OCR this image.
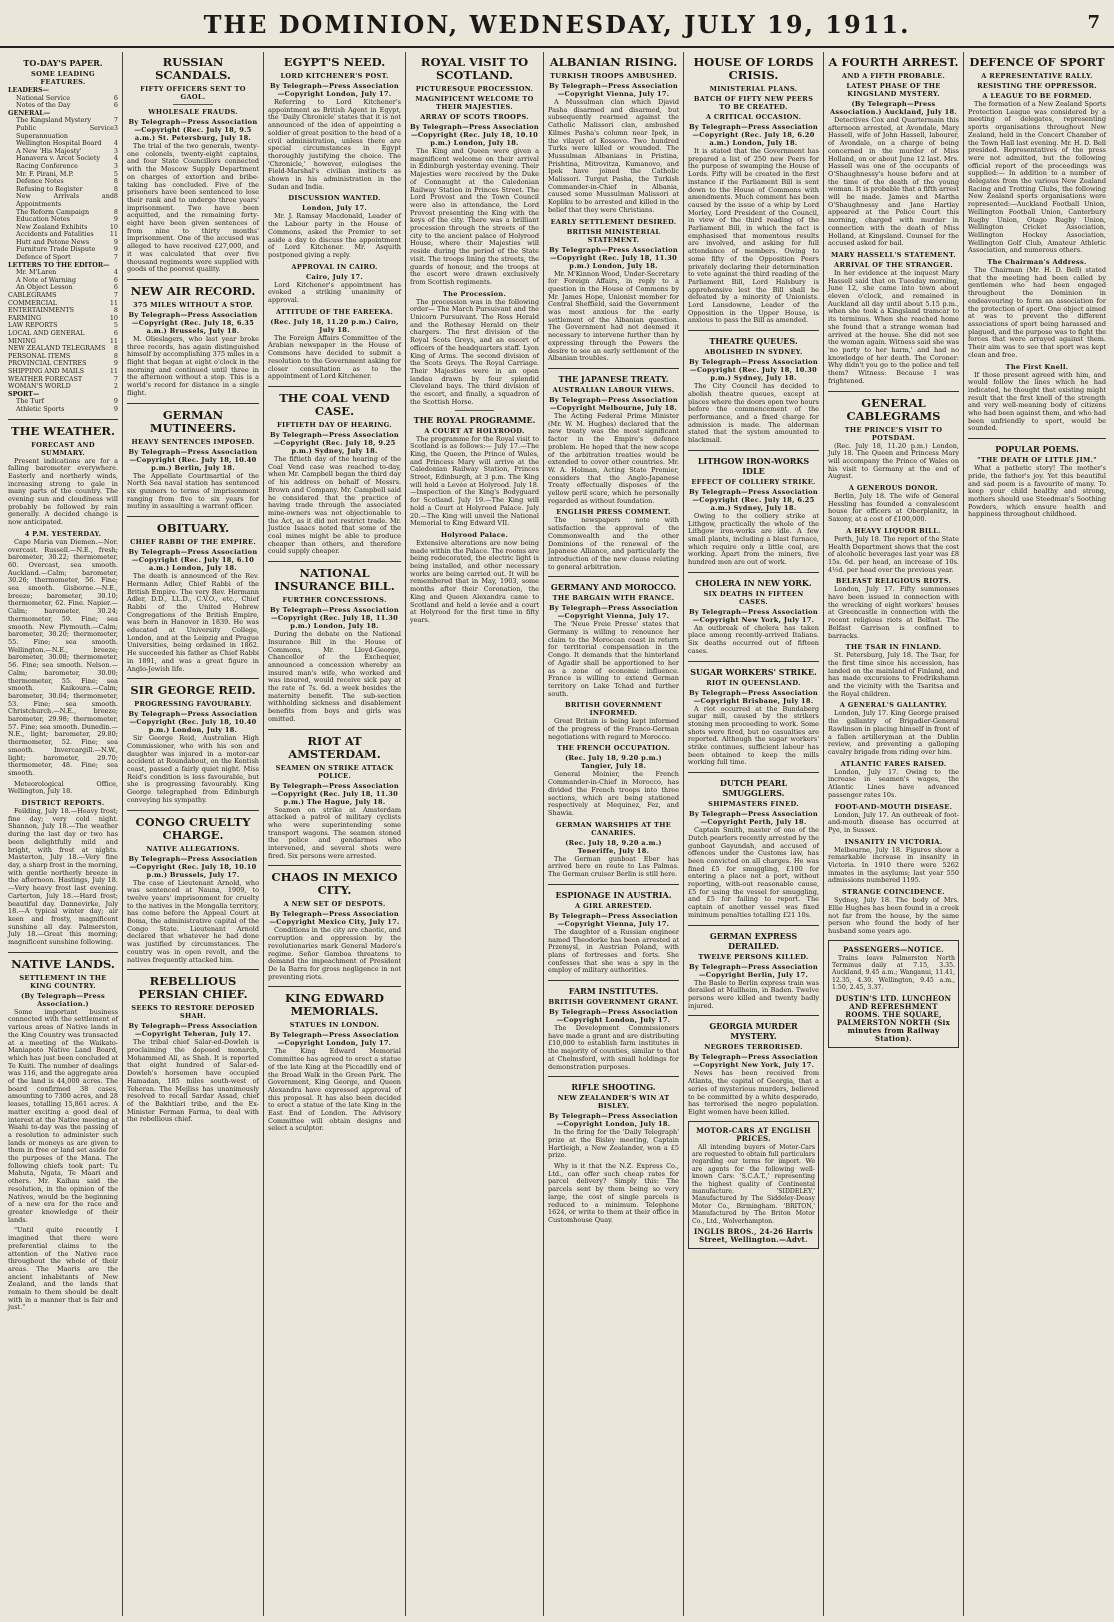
THE DOMINION, WEDNESDAY, JULY 19, 1911.	7
TO-DAY'S PAPER.
SOME LEADING FEATURES.
LEADERS—
National Service	6
Notes of the Day	6
GENERAL—
The Kingsland Mystery	7
Public Service Superannuation
3
Wellington Hospital Board 4
A New 'His Majesty'	3
Hanavera v. Arcot Society 4
Racing Conference	3
Mr. F. Pirani, M.P.	5
Defence Notes	8
Refusing to Register	8
New Arrivals and Appointments
8
The Reform Campaign	8
Education Notes	9
New Zealand Exhibits	10
Accidents and Fatalities	11
Hutt and Petone News	9
Furniture Trade Dispute	9
Defence of Sport	7
LETTERS TO THE EDITOR—
Mr. M'Laren	4
A Note of Warning	6
An Object Lesson	6
CABLEGRAMS	7
COMMERCIAL	11
ENTERTAINMENTS	8
FARMING	10
LAW REPORTS	5
LOCAL AND GENERAL	6
MINING	11
NEW ZEALAND TELEGRAMS 8
PERSONAL ITEMS	8
PROVINCIAL CENTRES	9
SHIPPING AND MAILS	11
WEATHER FORECAST	7
WOMAN'S WORLD	2
SPORT—
The Turf	9
Athletic Sports	9
THE WEATHER.
FORECAST AND SUMMARY.

Present indications are for a falling barometer everywhere. Easterly and northerly winds, increasing strong to gale in many parts of the country. The evening sun and cloudiness will probably be followed by rain generally. A decided change is now anticipated.

4 P.M. YESTERDAY.

Cape Maria van Diemen.—Nor. overcast. Russell.—N.E., fresh; barometer, 30.22; thermometer, 60. Overcast, sea smooth. Auckland.—Calm; barometer, 30.26; thermometer, 56. Fine; sea smooth. Gisborne.—N.E., breeze; barometer, 30.10; thermometer, 62. Fine. Napier.—Calm; barometer, 30.24; thermometer, 59. Fine; sea smooth. New Plymouth.—Calm; barometer, 30.20; thermometer, 55. Fine; sea smooth. Wellington.—N.E., breeze; barometer, 30.08; thermometer, 56. Fine; sea smooth. Nelson.—Calm; barometer, 30.00; thermometer, 55. Fine; sea smooth. Kaikoura.—Calm; barometer, 30.04; thermometer, 53. Fine; sea smooth. Christchurch.—N.E., breeze; barometer, 29.98; thermometer, 57. Fine; sea smooth. Dunedin.—N.E., light; barometer, 29.80; thermometer, 52. Fine; sea smooth. Invercargill.—N.W., light; barometer, 29.70; thermometer, 48. Fine; sea smooth.

Meteorological Office, Wellington, July 18.

DISTRICT REPORTS.

Feilding, July 18.—Heavy frost; fine day; very cold night. Shannon, July 18.—The weather during the last day or two has been delightfully mild and bright, with frost at nights. Masterton, July 18.—Very fine day, a sharp frost in the morning, with gentle northerly breeze in the afternoon. Hastings, July 18.—Very heavy frost last evening. Carterton, July 18.—Hard frost; beautiful day. Dannevirke, July 18.—A typical winter day; air keen and frosty, magnificent sunshine all day. Palmerston, July 18.—Great this morning; magnificent sunshine following.

NATIVE LANDS.
SETTLEMENT IN THE KING COUNTRY.
(By Telegraph—Press Association.)

Some important business connected with the settlement of various areas of Native lands in the King Country was transacted at a meeting of the Waikato-Maniapoto Native Land Board, which has just been concluded at Te Kuiti. The number of dealings was 116, and the aggregate area of the land is 44,000 acres. The board confirmed 38 cases, amounting to 7300 acres, and 28 leases, totalling 15,861 acres. A matter exciting a good deal of interest at the Native meeting at Waahi to-day was the passing of a resolution to administer such lands or moneys as are given to them in free or land set aside for the purposes of the Mana. The following chiefs took part: Tu Mahuta, Ngata, Te Maari and others. Mr. Kaihau said the resolution, in the opinion of the Natives, would be the beginning of a new era for the race and greater knowledge of their lands.

"Until quite recently I imagined that there were preferential claims to the attention of the Native race throughout the whole of their areas. The Maoris are the ancient inhabitants of New Zealand, and the lands that remain to them should be dealt with in a manner that is fair and just."

RUSSIAN SCANDALS.
FIFTY OFFICERS SENT TO GAOL.
WHOLESALE FRAUDS.
By Telegraph—Press Association—Copyright (Rec. July 18, 9.5 a.m.) St. Petersburg, July 18.

The trial of the two generals, twenty-one colonels, twenty-eight captains, and four State Councillors connected with the Moscow Supply Department on charges of extortion and bribe-taking has concluded. Five of the prisoners have been sentenced to lose their rank and to undergo three years' imprisonment. Two have been acquitted, and the remaining forty-eight have been given sentences of from nine to thirty months' imprisonment. One of the accused was alleged to have received £27,000, and it was calculated that over five thousand regiments were supplied with goods of the poorest quality.

NEW AIR RECORD.
375 MILES WITHOUT A STOP.
By Telegraph—Press Association—Copyright (Rec. July 18, 6.35 a.m.) Brussels, July 18.

M. Olieslagers, who last year broke three records, has again distinguished himself by accomplishing 375 miles in a flight that began at eight o'clock in the morning and continued until three in the afternoon without a stop. This is a world's record for distance in a single flight.

GERMAN MUTINEERS.
HEAVY SENTENCES IMPOSED.
By Telegraph—Press Association—Copyright (Rec. July 18, 10.40 p.m.) Berlin, July 18.

The Appellate Courtmartial of the North Sea naval station has sentenced six gunners to terms of imprisonment ranging from five to six years for mutiny in assaulting a warrant officer.

OBITUARY.
CHIEF RABBI OF THE EMPIRE.
By Telegraph—Press Association—Copyright (Rec. July 18, 6.10 a.m.) London, July 18.

The death is announced of the Rev. Hermann Adler, Chief Rabbi of the British Empire. The very Rev. Hermann Adler, D.D., LL.D., C.V.O., etc., Chief Rabbi of the United Hebrew Congregations of the British Empire, was born in Hanover in 1839. He was educated at University College, London, and at the Leipzig and Prague Universities, being ordained in 1862. He succeeded his father as Chief Rabbi in 1891, and was a great figure in Anglo-Jewish life.

SIR GEORGE REID.
PROGRESSING FAVOURABLY.
By Telegraph—Press Association—Copyright (Rec. July 18, 10.40 p.m.) London, July 18.

Sir George Reid, Australian High Commissioner, who with his son and daughter was injured in a motor-car accident at Roundabout, on the Kentish coast, passed a fairly quiet night. Miss Reid's condition is less favourable, but she is progressing favourably. King George telegraphed from Edinburgh conveying his sympathy.

CONGO CRUELTY CHARGE.
NATIVE ALLEGATIONS.
By Telegraph—Press Association—Copyright (Rec. July 18, 10.10 p.m.) Brussels, July 17.

The case of Lieutenant Arnold, who was sentenced at Nauna, 1909, to twelve years' imprisonment for cruelty to the natives in the Mongalla territory, has come before the Appeal Court at Boma, the administrative capital of the Congo State. Lieutenant Arnold declared that whatever he had done was justified by circumstances. The country was in open revolt, and the natives frequently attacked him.

REBELLIOUS PERSIAN CHIEF.
SEEKS TO RESTORE DEPOSED SHAH.
By Telegraph—Press Association—Copyright Teheran, July 17.

The tribal chief Salar-ed-Dowleh is proclaiming the deposed monarch, Mohammed Ali, as Shah. It is reported that eight hundred of Salar-ed-Dowleh's horsemen have occupied Hamadan, 185 miles south-west of Teheran. The Mejliss has unanimously resolved to recall Sardar Assad, chief of the Bakhtiari tribe, and the Ex-Minister Ferman Farma, to deal with the rebellious chief.

EGYPT'S NEED.
LORD KITCHENER'S POST.
By Telegraph—Press Association—Copyright London, July 17.

Referring to Lord Kitchener's appointment as British Agent in Egypt, the 'Daily Chronicle' states that it is not announced of the idea of appointing a soldier of great position to the head of a civil administration, unless there are special circumstances in Egypt thoroughly justifying the choice. The 'Chronicle,' however, eulogises the Field-Marshal's civilian instincts as shown in his administration in the Sudan and India.

DISCUSSION WANTED.
London, July 17.

Mr. J. Ramsay Macdonald, Leader of the Labour party in the House of Commons, asked the Premier to set aside a day to discuss the appointment of Lord Kitchener. Mr. Asquith postponed giving a reply.

APPROVAL IN CAIRO.
Cairo, July 17.

Lord Kitchener's appointment has evoked a striking unanimity of approval.

ATTITUDE OF THE FAREEKA.
(Rec. July 18, 11.20 p.m.) Cairo, July 18.

The Foreign Affairs Committee of the Arabian newspaper in the House of Commons have decided to submit a resolution to the Government asking for closer consultation as to the appointment of Lord Kitchener.

THE COAL VEND CASE.
FIFTIETH DAY OF HEARING.
By Telegraph—Press Association—Copyright (Rec. July 18, 9.25 p.m.) Sydney, July 18.

The fiftieth day of the hearing of the Coal Vend case was reached to-day, when Mr. Campbell began the third day of his address on behalf of Messrs. Brown and Company. Mr. Campbell said he considered that the practice of having trade through the associated mine-owners was not objectionable to the Act, as it did not restrict trade. Mr. Justice Isaacs noted that some of the coal mines might be able to produce cheaper than others, and therefore could supply cheaper.

NATIONAL INSURANCE BILL.
FURTHER CONCESSIONS.
By Telegraph—Press Association—Copyright (Rec. July 18, 11.30 p.m.) London, July 18.

During the debate on the National Insurance Bill in the House of Commons, Mr. Lloyd-George, Chancellor of the Exchequer, announced a concession whereby an insured man's wife, who worked and was insured, would receive sick pay at the rate of 7s. 6d. a week besides the maternity benefit. The sub-section withholding sickness and disablement benefits from boys and girls was omitted.

RIOT AT AMSTERDAM.
SEAMEN ON STRIKE ATTACK POLICE.
By Telegraph—Press Association—Copyright (Rec. July 18, 11.30 p.m.) The Hague, July 18.

Seamen on strike at Amsterdam attacked a patrol of military cyclists who were superintending some transport wagons. The seamen stoned the police and gendarmes who intervened, and several shots were fired. Six persons were arrested.

CHAOS IN MEXICO CITY.
A NEW SET OF DESPOTS.
By Telegraph—Press Association—Copyright Mexico City, July 17.

Conditions in the city are chaotic, and corruption and oppression by the revolutionaries mark General Madero's regime. Señor Gamboa threatens to demand the impeachment of President De la Barra for gross negligence in not preventing riots.

KING EDWARD MEMORIALS.
STATUES IN LONDON.
By Telegraph—Press Association—Copyright London, July 17.

The King Edward Memorial Committee has agreed to erect a statue of the late King at the Piccadilly end of the Broad Walk in the Green Park. The Government, King George, and Queen Alexandra have expressed approval of this proposal. It has also been decided to erect a statue of the late King in the East End of London. The Advisory Committee will obtain designs and select a sculptor.

ROYAL VISIT TO SCOTLAND.
PICTURESQUE PROCESSION.
MAGNIFICENT WELCOME TO THEIR MAJESTIES.
ARRAY OF SCOTS TROOPS.
By Telegraph—Press Association—Copyright (Rec. July 18, 10.10 p.m.) London, July 18.

The King and Queen were given a magnificent welcome on their arrival in Edinburgh yesterday evening. Their Majesties were received by the Duke of Connaught at the Caledonian Railway Station in Princes Street. The Lord Provost and the Town Council were also in attendance, the Lord Provost presenting the King with the keys of the city. There was a brilliant procession through the streets of the city to the ancient palace of Holyrood House, where their Majesties will reside during the period of the State visit. The troops lining the streets, the guards of honour, and the troops at the escort were drawn exclusively from Scottish regiments.

The Procession.

The procession was in the following order— The March Pursuivant and the Unicorn Pursuivant. The Ross Herald and the Rothesay Herald on their chargers. The first division of the Royal Scots Greys, and an escort of officers of the headquarters staff. Lyon King of Arms. The second division of the Scots Greys. The Royal Carriage. Their Majesties were in an open landau drawn by four splendid Cleveland bays. The third division of the escort, and finally, a squadron of the Scottish Horse.

THE ROYAL PROGRAMME.
A COURT AT HOLYROOD.

The programme for the Royal visit to Scotland is as follows:— July 17.—The King, the Queen, the Prince of Wales, and Princess Mary will arrive at the Caledonian Railway Station, Princes Street, Edinburgh, at 3 p.m. The King will hold a Levée at Holyrood. July 18.—Inspection of the King's Bodyguard for Scotland. July 19.—The King will hold a Court at Holyrood Palace. July 20.—The King will unveil the National Memorial to King Edward VII.

Holyrood Palace.

Extensive alterations are now being made within the Palace. The rooms are being redecorated, the electric light is being installed, and other necessary works are being carried out. It will be remembered that in May, 1903, some months after their Coronation, the King and Queen Alexandra came to Scotland and held a levée and a court at Holyrood for the first time in fifty years.

ALBANIAN RISING.
TURKISH TROOPS AMBUSHED.
By Telegraph—Press Association—Copyright Vienna, July 17.

A Mussulman clan which Djavid Pasha disarmed and disarmed, but subsequently rearmed against the Catholic Malissori clan, ambushed Kilmes Pasha's column near Ipek, in the vilayet of Kossovo. Two hundred Turks were killed or wounded. The Mussulman Albanians in Pristina, Prishtina, Mitrovitza, Kumanovo, and Ipek have joined the Catholic Malissori. Turgut Pasha, the Turkish Commander-in-Chief in Albania, caused some Mussulman Malissori at Kopliku to be arrested and killed in the belief that they were Christians.

EARLY SETTLEMENT DESIRED.
BRITISH MINISTERIAL STATEMENT.
By Telegraph—Press Association—Copyright (Rec. July 18, 11.30 p.m.) London, July 18.

Mr. M'Kinnon Wood, Under-Secretary for Foreign Affairs, in reply to a question in the House of Commons by Mr. James Hope, Unionist member for Central Sheffield, said the Government was most anxious for the early settlement of the Albanian question. The Government had not deemed it necessary to intervene further than by expressing through the Powers the desire to see an early settlement of the Albanian troubles.

THE JAPANESE TREATY.
AUSTRALIAN LABOUR VIEWS.
By Telegraph—Press Association—Copyright Melbourne, July 18.

The Acting Federal Prime Minister (Mr. W. M. Hughes) declared that the new treaty was the most significant factor in the Empire's defence problem. He hoped that the new scope of the arbitration treaties would be extended to cover other countries. Mr. W. A. Holman, Acting State Premier, considers that the Anglo-Japanese Treaty effectually disposes of the yellow peril scare, which he personally regarded as without foundation.

ENGLISH PRESS COMMENT.

The newspapers note with satisfaction the approval of the Commonwealth and the other Dominions of the renewal of the Japanese Alliance, and particularly the introduction of the new clause relating to general arbitration.

GERMANY AND MOROCCO.
THE BARGAIN WITH FRANCE.
By Telegraph—Press Association—Copyright Vienna, July 17.

The 'Neue Freie Presse' states that Germany is willing to renounce her claim to the Moroccan coast in return for territorial compensation in the Congo. It demands that the hinterland of Agadir shall be apportioned to her as a zone of economic influence. France is willing to extend German territory on Lake Tchad and further south.

BRITISH GOVERNMENT INFORMED.

Great Britain is being kept informed of the progress of the Franco-German negotiations with regard to Morocco.

THE FRENCH OCCUPATION.
(Rec. July 18, 9.20 p.m.) Tangier, July 18.

General Moinier, the French Commander-in-Chief in Morocco, has divided the French troops into three sections, which are being stationed respectively at Mequinez, Fez, and Shawia.

GERMAN WARSHIPS AT THE CANARIES.
(Rec. July 18, 9.20 a.m.) Teneriffe, July 18.

The German gunboat Eber has arrived here en route to Las Palmas. The German cruiser Berlin is still here.

ESPIONAGE IN AUSTRIA.
A GIRL ARRESTED.
By Telegraph—Press Association—Copyright Vienna, July 17.

The daughter of a Russian engineer named Theodorke has been arrested at Przemysl, in Austrian Poland, with plans of fortresses and forts. She confesses that she was a spy in the employ of military authorities.

FARM INSTITUTES.
BRITISH GOVERNMENT GRANT.
By Telegraph—Press Association—Copyright London, July 17.

The Development Commissioners have made a grant and are distributing £10,000 to establish farm institutes in the majority of counties, similar to that at Chelmsford, with small holdings for demonstration purposes.

RIFLE SHOOTING.
NEW ZEALANDER'S WIN AT BISLEY.
By Telegraph—Press Association—Copyright London, July 18.

In the firing for the 'Daily Telegraph' prize at the Bisley meeting, Captain Hartleigh, a New Zealander, won a £5 prize.

Why is it that the N.Z. Express Co., Ltd., can offer such cheap rates for parcel delivery? Simply this: The parcels sent by them being so very large, the cost of single parcels is reduced to a minimum. Telephone 1624, or write to them at their office in Customhouse Quay.

HOUSE OF LORDS CRISIS.
MINISTERIAL PLANS.
BATCH OF FIFTY NEW PEERS TO BE CREATED.
A CRITICAL OCCASION.
By Telegraph—Press Association—Copyright (Rec. July 18, 6.20 a.m.) London, July 18.

It is stated that the Government has prepared a list of 250 new Peers for the purpose of swamping the House of Lords. Fifty will be created in the first instance if the Parliament Bill is sent down to the House of Commons with amendments. Much comment has been caused by the issue of a whip by Lord Morley, Lord President of the Council, in view of the third reading of the Parliament Bill, in which the fact is emphasised that momentous results are involved, and asking for full attendance of members. Owing to some fifty of the Opposition Peers privately declaring their determination to vote against the third reading of the Parliament Bill, Lord Halsbury is apprehensive lest the Bill shall be defeated by a minority of Unionists. Lord Lansdowne, Leader of the Opposition in the Upper House, is anxious to pass the Bill as amended.

THEATRE QUEUES.
ABOLISHED IN SYDNEY.
By Telegraph—Press Association—Copyright (Rec. July 18, 10.30 p.m.) Sydney, July 18.

The City Council has decided to abolish theatre queues, except at places where the doors open two hours before the commencement of the performance, and a fixed charge for admission is made. The alderman stated that the system amounted to blackmail.

LITHGOW IRON-WORKS IDLE
EFFECT OF COLLIERY STRIKE.
By Telegraph—Press Association—Copyright (Rec. July 18, 6.25 a.m.) Sydney, July 18.

Owing to the colliery strike at Lithgow, practically the whole of the Lithgow iron-works are idle. A few small plants, including a blast furnace, which require only a little coal, are working. Apart from the miners, five hundred men are out of work.

CHOLERA IN NEW YORK.
SIX DEATHS IN FIFTEEN CASES.
By Telegraph—Press Association—Copyright New York, July 17.

An outbreak of cholera has taken place among recently-arrived Italians. Six deaths occurred out of fifteen cases.

SUGAR WORKERS' STRIKE.
RIOT IN QUEENSLAND.
By Telegraph—Press Association—Copyright Brisbane, July 18.

A riot occurred at the Bundaberg sugar mill, caused by the strikers stoning men proceeding to work. Some shots were fired, but no casualties are reported. Although the sugar workers' strike continues, sufficient labour has been obtained to keep the mills working full time.

DUTCH PEARL SMUGGLERS.
SHIPMASTERS FINED.
By Telegraph—Press Association—Copyright Perth, July 18.

Captain Smith, master of one of the Dutch pearlers recently arrested by the gunboat Gayundah, and accused of offences under the Customs law, has been convicted on all charges. He was fined £5 for smuggling, £100 for entering a place not a port, without reporting, with-out reasonable cause, £5 for using the vessel for smuggling, and £5 for failing to report. The captain of another vessel was fixed minimum penalties totalling £21 10s.

GERMAN EXPRESS DERAILED.
TWELVE PERSONS KILLED.
By Telegraph—Press Association—Copyright Berlin, July 17.

The Basle to Berlin express train was derailed at Mullheim, in Baden. Twelve persons were killed and twenty badly injured.

GEORGIA MURDER MYSTERY.
NEGROES TERRORISED.
By Telegraph—Press Association—Copyright New York, July 17.

News has been received from Atlanta, the capital of Georgia, that a series of mysterious murders, believed to be committed by a white desperado, has terrorised the negro population. Eight women have been killed.

MOTOR-CARS AT ENGLISH PRICES.

All intending buyers of Motor-Cars are requested to obtain full particulars regarding our terms for import. We are agents for the following well-known Cars: 'S.C.A.T.,' representing the highest quality of Continental manufacture. 'SIDDELEY,' Manufactured by The Siddeley-Deasy Motor Co., Birmingham. 'BRITON,' Manufactured by The Briton Motor Co., Ltd., Wolverhampton.

INGLIS BROS., 24-26 Harris Street, Wellington.—Advt.
A FOURTH ARREST.
AND A FIFTH PROBABLE.
LATEST PHASE OF THE KINGSLAND MYSTERY.
(By Telegraph—Press Association.) Auckland, July 18.

Detectives Cox and Quartermain this afternoon arrested, at Avondale, Mary Hassell, wife of John Hassell, labourer, of Avondale, on a charge of being concerned in the murder of Miss Holland, on or about June 12 last. Mrs. Hassell was one of the occupants of O'Shaughnessy's house before and at the time of the death of the young woman. It is probable that a fifth arrest will be made. James and Martha O'Shaughnessy and Jane Hartley appeared at the Police Court this morning, charged with murder in connection with the death of Miss Holland, at Kingsland. Counsel for the accused asked for bail.

MARY HASSELL'S STATEMENT.
ARRIVAL OF THE STRANGER.

In her evidence at the inquest Mary Hassell said that on Tuesday morning, June 12, she came into town about eleven o'clock, and remained in Auckland all day until about 5.15 p.m., when she took a Kingsland tramcar to its terminus. When she reached home she found that a strange woman had arrived at the house. She did not see the woman again. Witness said she was 'no party to her harm,' and had no knowledge of her death. The Coroner: Why didn't you go to the police and tell them? Witness: Because I was frightened.

GENERAL CABLEGRAMS
THE PRINCE'S VISIT TO POTSDAM.

(Rec. July 18, 11.20 p.m.) London, July 18. The Queen and Princess Mary will accompany the Prince of Wales on his visit to Germany at the end of August.

A GENEROUS DONOR.

Berlin, July 18. The wife of General Hessling has founded a convalescent house for officers at Oberplanitz, in Saxony, at a cost of £100,000.

A HEAVY LIQUOR BILL.

Perth, July 18. The report of the State Health Department shows that the cost of alcoholic beverages last year was £8 15s. 6d. per head, an increase of 10s. 4½d. per head over the previous year.

BELFAST RELIGIOUS RIOTS.

London, July 17. Fifty summonses have been issued in connection with the wrecking of eight workers' houses at Greencastle in connection with the recent religious riots at Belfast. The Belfast Garrison is confined to barracks.

THE TSAR IN FINLAND.

St. Petersburg, July 18. The Tsar, for the first time since his accession, has landed on the mainland of Finland, and has made excursions to Fredrikshamn and the vicinity with the Tsaritsa and the Royal children.

A GENERAL'S GALLANTRY.

London, July 17. King George praised the gallantry of Brigadier-General Rawlinson in placing himself in front of a fallen artilleryman at the Dublin review, and preventing a galloping cavalry brigade from riding over him.

ATLANTIC FARES RAISED.

London, July 17. Owing to the increase in seamen's wages, the Atlantic Lines have advanced passenger rates 10s.

FOOT-AND-MOUTH DISEASE.

London, July 17. An outbreak of foot-and-mouth disease has occurred at Pye, in Sussex.

INSANITY IN VICTORIA.

Melbourne, July 18. Figures show a remarkable increase in insanity in Victoria. In 1910 there were 5262 inmates in the asylums; last year 550 admissions numbered 1195.

STRANGE COINCIDENCE.

Sydney, July 18. The body of Mrs. Ellie Hughes has been found in a creek not far from the house, by the same person who found the body of her husband some years ago.

PASSENGERS—NOTICE.

Trains leave Palmerston North Terminus daily at 7.15, 3.35. Auckland, 9.45 a.m.; Wanganui, 11.41, 12.35, 4.30. Wellington, 9.45 a.m., 1.50, 2.45, 3.37.

DUSTIN'S LTD. LUNCHEON AND REFRESHMENT ROOMS. THE SQUARE, PALMERSTON NORTH (Six minutes from Railway Station).
DEFENCE OF SPORT
A REPRESENTATIVE RALLY.
RESISTING THE OPPRESSOR.
A LEAGUE TO BE FORMED.

The formation of a New Zealand Sports Protection League was considered by a meeting of delegates, representing sports organisations throughout New Zealand, held in the Concert Chamber of the Town Hall last evening. Mr. H. D. Bell presided. Representatives of the press were not admitted, but the following official report of the proceedings was supplied:— In addition to a number of delegates from the various New Zealand Racing and Trotting Clubs, the following New Zealand sports organisations were represented:—Auckland Football Union, Wellington Football Union, Canterbury Rugby Union, Otago Rugby Union, Wellington Cricket Association, Wellington Hockey Association, Wellington Golf Club, Amateur Athletic Association, and numerous others.

The Chairman's Address.

The Chairman (Mr. H. D. Bell) stated that the meeting had been called by gentlemen who had been engaged throughout the Dominion in endeavouring to form an association for the protection of sport. One object aimed at was to prevent the different associations of sport being harassed and plagued, and the purpose was to fight the forces that were arrayed against them. Their aim was to see that sport was kept clean and free.

The First Knell.

If those present agreed with him, and would follow the lines which he had indicated, he thought that existing might result that the first knell of the strength and very well-meaning body of citizens who had been against them, and who had been unfriendly to sport, would be sounded.

POPULAR POEMS.
"THE DEATH OF LITTLE JIM."

What a pathetic story! The mother's pride, the father's joy. Yet this beautiful and sad poem is a favourite of many. To keep your child healthy and strong, mothers should use Steedman's Soothing Powders, which ensure health and happiness throughout childhood.
